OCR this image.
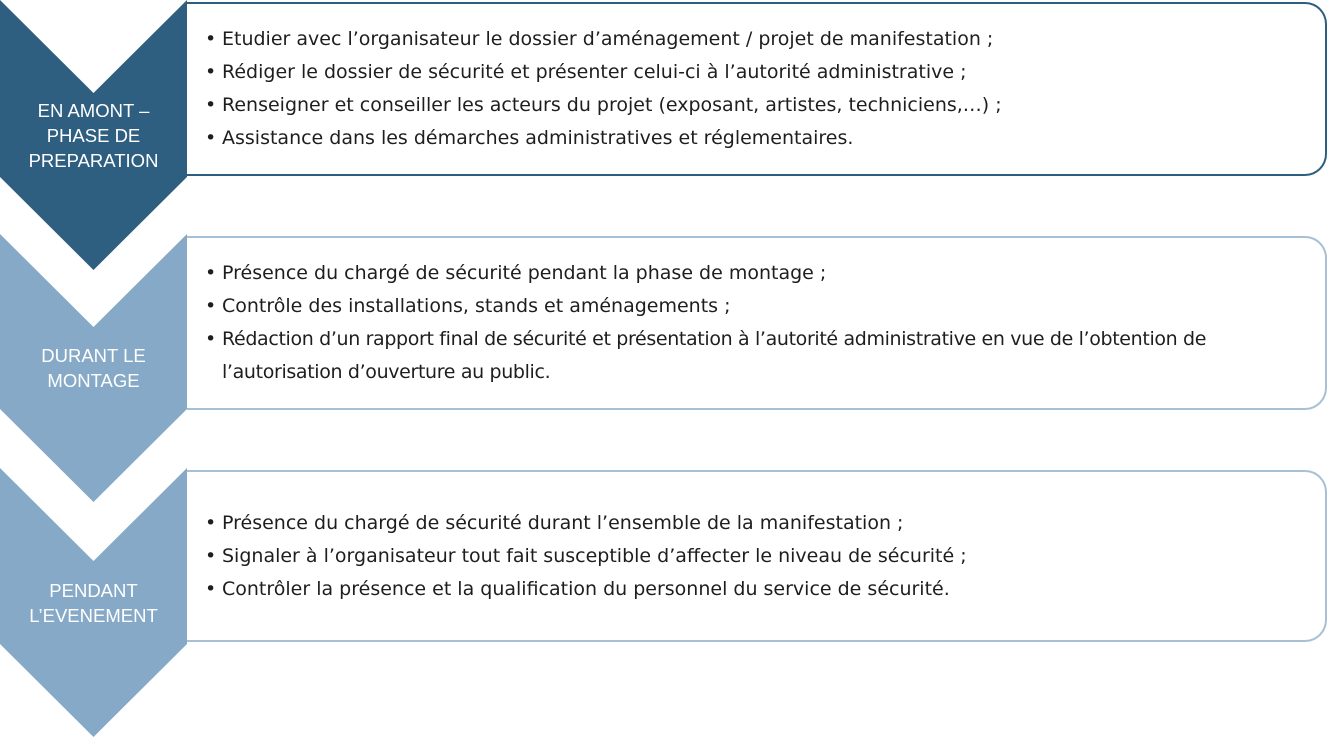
EN AMONT –
PHASE DE
PREPARATION
• Etudier avec l’organisateur le dossier d’aménagement / projet de manifestation ;
• Rédiger le dossier de sécurité et présenter celui-ci à l’autorité administrative ;
• Renseigner et conseiller les acteurs du projet (exposant, artistes, techniciens,…) ;
• Assistance dans les démarches administratives et réglementaires.
DURANT LE
MONTAGE
• Présence du chargé de sécurité pendant la phase de montage ;
• Contrôle des installations, stands et aménagements ;
• Rédaction d’un rapport final de sécurité et présentation à l’autorité administrative en vue de l’obtention de l’autorisation d’ouverture au public.
PENDANT
L’EVENEMENT
• Présence du chargé de sécurité durant l’ensemble de la manifestation ;
• Signaler à l’organisateur tout fait susceptible d’affecter le niveau de sécurité ;
• Contrôler la présence et la qualification du personnel du service de sécurité.
